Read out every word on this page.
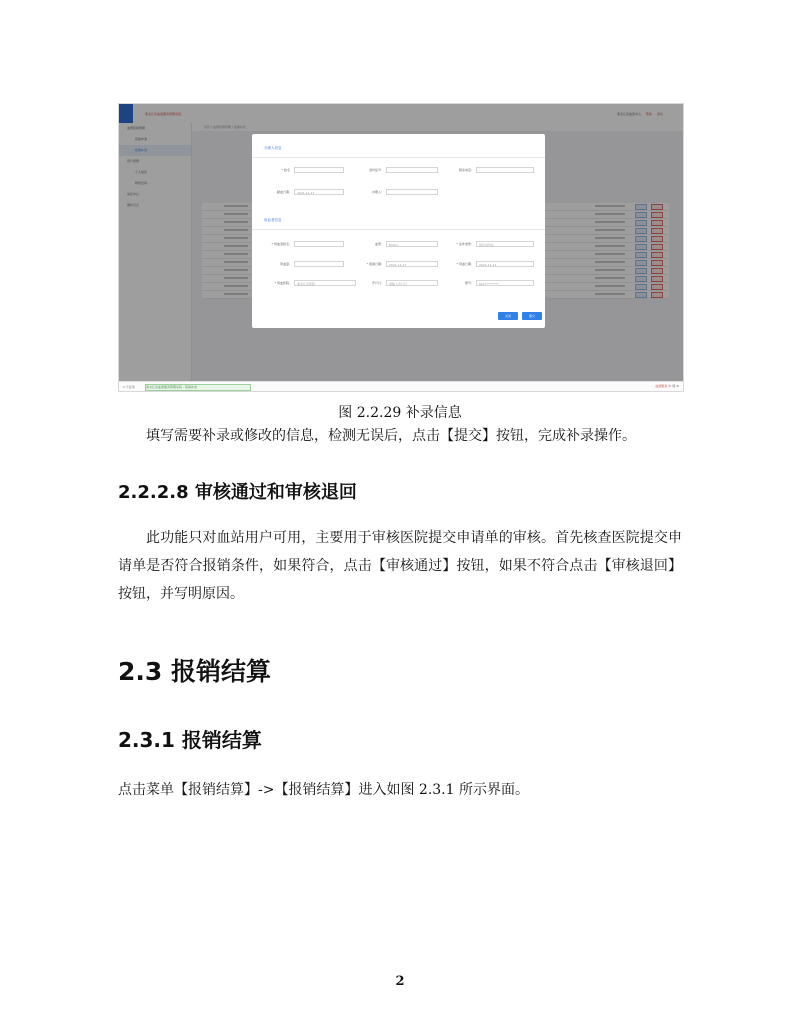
黑龙江省血液服务管理系统	黑龙江省血液中心 帮助 退出
血费报销管理
报销申请
报销补录
用户管理
个人信息
修改密码
消息中心
操作日志
首页 / 血费报销管理 / 报销补录
办理人信息
* 姓名	身份证号:	联系电话:
献血日期:	2021-11-17	办理人:
用血者信息
* 用血者姓名:	血型:	Rh(D)	* 证件类型:	居民身份证
用血量:	* 报销日期:	2021-11-17	* 用血日期:	2021-11-17
* 用血医院:	黑龙江省医院	开户行:	请输入开户行	账号:	6217********
关闭	提交
1 个任务	黑龙江省血液服务管理系统 - 报销补录	血液服务 中 简 ⚙
图 2.2.29 补录信息

填写需要补录或修改的信息，检测无误后，点击【提交】按钮，完成补录操作。

2.2.2.8 审核通过和审核退回

此功能只对血站用户可用，主要用于审核医院提交申请单的审核。首先核查医院提交申请单是否符合报销条件，如果符合，点击【审核通过】按钮，如果不符合点击【审核退回】按钮，并写明原因。

2.3 报销结算
2.3.1 报销结算

点击菜单【报销结算】->【报销结算】进入如图 2.3.1 所示界面。

2
